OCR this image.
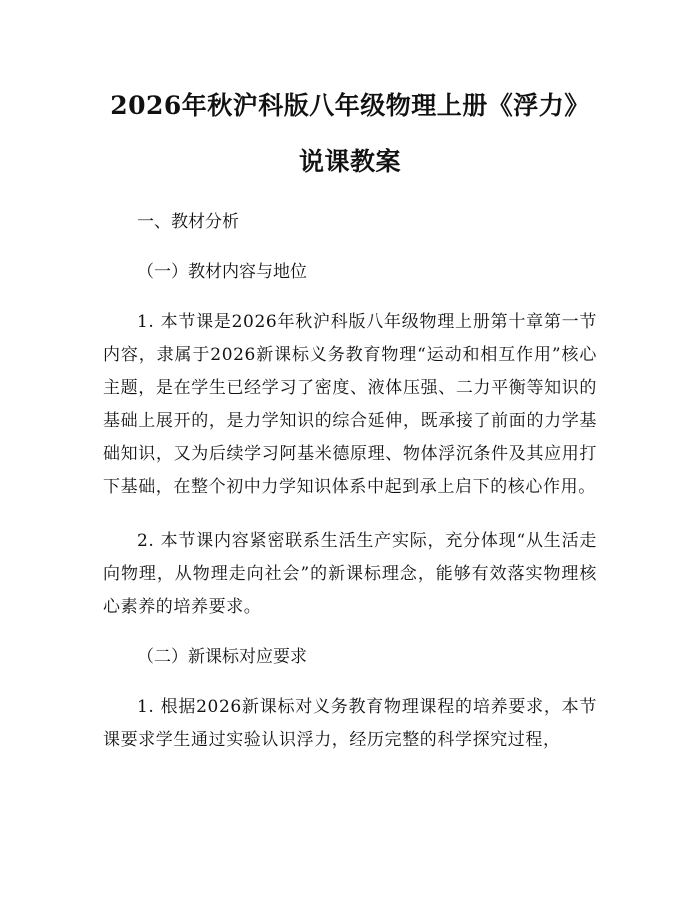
2026年秋沪科版八年级物理上册《浮力》说课教案

一、教材分析

（一）教材内容与地位

1. 本节课是2026年秋沪科版八年级物理上册第十章第一节内容，隶属于2026新课标义务教育物理“运动和相互作用”核心主题，是在学生已经学习了密度、液体压强、二力平衡等知识的基础上展开的，是力学知识的综合延伸，既承接了前面的力学基础知识，又为后续学习阿基米德原理、物体浮沉条件及其应用打下基础，在整个初中力学知识体系中起到承上启下的核心作用。

2. 本节课内容紧密联系生活生产实际，充分体现“从生活走向物理，从物理走向社会”的新课标理念，能够有效落实物理核心素养的培养要求。

（二）新课标对应要求

1. 根据2026新课标对义务教育物理课程的培养要求，本节课要求学生通过实验认识浮力，经历完整的科学探究过程，
